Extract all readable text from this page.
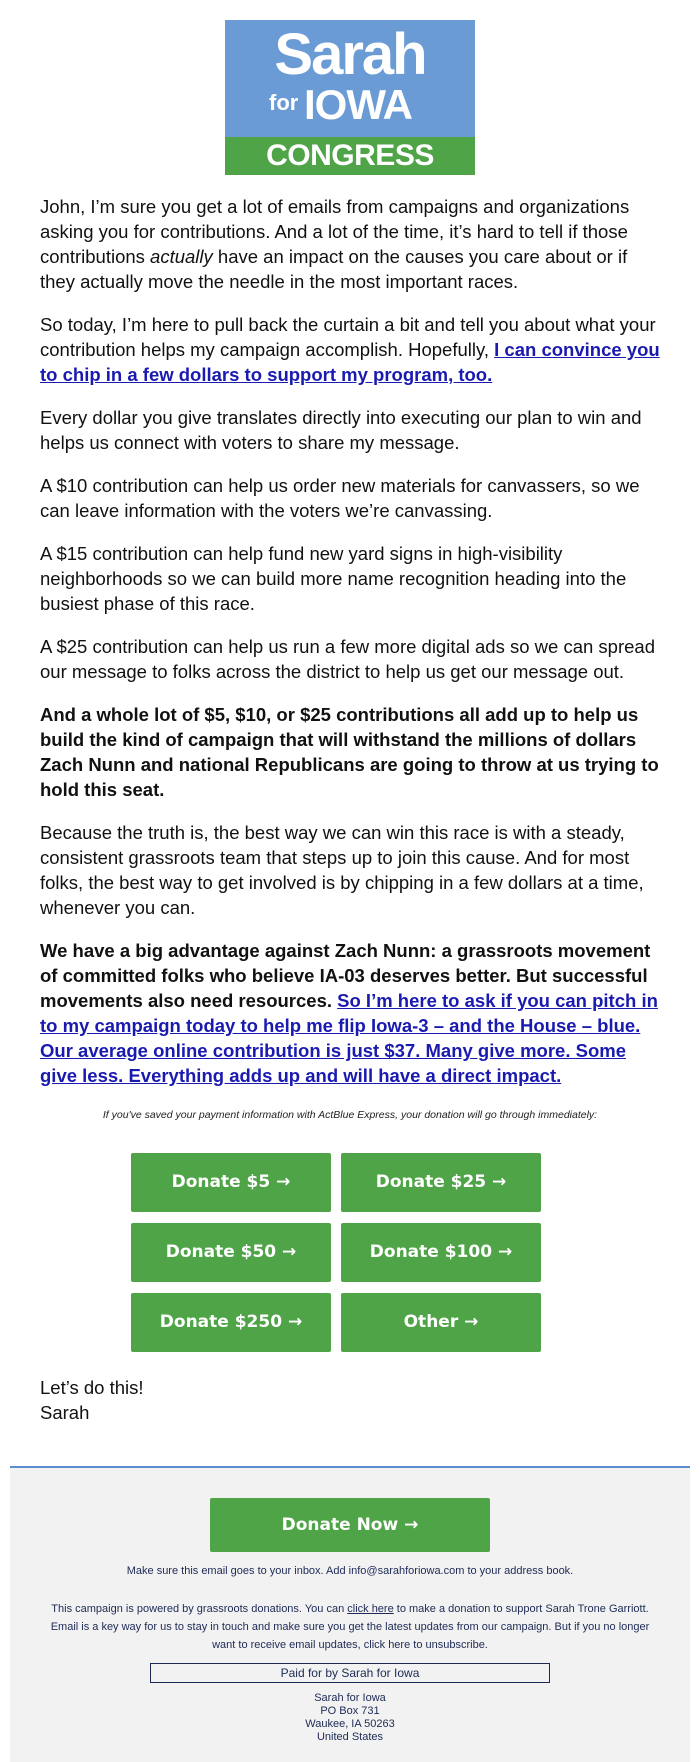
Sarah
for IOWA
CONGRESS

John, I’m sure you get a lot of emails from campaigns and organizations asking you for contributions. And a lot of the time, it’s hard to tell if those contributions actually have an impact on the causes you care about or if they actually move the needle in the most important races.

So today, I’m here to pull back the curtain a bit and tell you about what your contribution helps my campaign accomplish. Hopefully, I can convince you to chip in a few dollars to support my program, too.

Every dollar you give translates directly into executing our plan to win and helps us connect with voters to share my message.

A $10 contribution can help us order new materials for canvassers, so we can leave information with the voters we’re canvassing.

A $15 contribution can help fund new yard signs in high-visibility neighborhoods so we can build more name recognition heading into the busiest phase of this race.

A $25 contribution can help us run a few more digital ads so we can spread our message to folks across the district to help us get our message out.

And a whole lot of $5, $10, or $25 contributions all add up to help us build the kind of campaign that will withstand the millions of dollars Zach Nunn and national Republicans are going to throw at us trying to hold this seat.

Because the truth is, the best way we can win this race is with a steady, consistent grassroots team that steps up to join this cause. And for most folks, the best way to get involved is by chipping in a few dollars at a time, whenever you can.

We have a big advantage against Zach Nunn: a grassroots movement of committed folks who believe IA-03 deserves better. But successful movements also need resources. So I’m here to ask if you can pitch in to my campaign today to help me flip Iowa-3 – and the House – blue. Our average online contribution is just $37. Many give more. Some give less. Everything adds up and will have a direct impact.

If you've saved your payment information with ActBlue Express, your donation will go through immediately:
Donate $5 →	Donate $25 →
Donate $50 →	Donate $100 →
Donate $250 →	Other →
Let’s do this!
Sarah
Donate Now →
Make sure this email goes to your inbox. Add info@sarahforiowa.com to your address book.
This campaign is powered by grassroots donations. You can click here to make a donation to support Sarah Trone Garriott. Email is a key way for us to stay in touch and make sure you get the latest updates from our campaign. But if you no longer want to receive email updates, click here to unsubscribe.
Paid for by Sarah for Iowa
Sarah for Iowa
PO Box 731
Waukee, IA 50263
United States
